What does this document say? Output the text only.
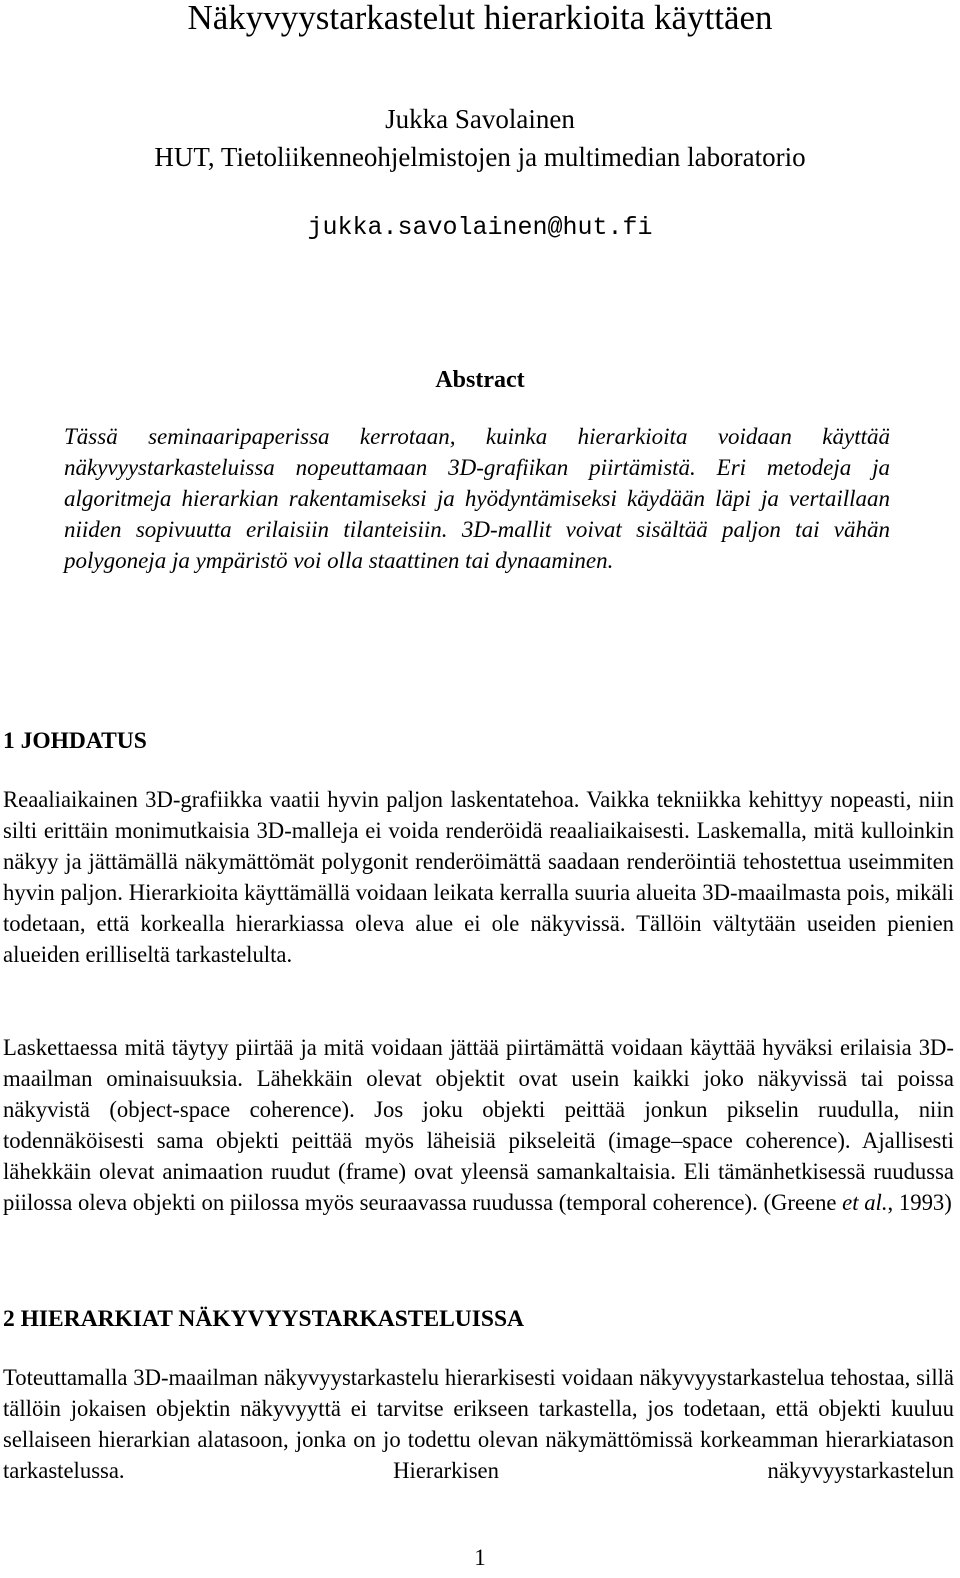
Näkyvyystarkastelut hierarkioita käyttäen

Jukka Savolainen

HUT, Tietoliikenneohjelmistojen ja multimedian laboratorio

jukka.savolainen@hut.fi
Abstract

Tässä seminaaripaperissa kerrotaan, kuinka hierarkioita voidaan käyttää näkyvyystarkasteluissa nopeuttamaan 3D-grafiikan piirtämistä. Eri metodeja ja algoritmeja hierarkian rakentamiseksi ja hyödyntämiseksi käydään läpi ja vertaillaan niiden sopivuutta erilaisiin tilanteisiin. 3D-mallit voivat sisältää paljon tai vähän polygoneja ja ympäristö voi olla staattinen tai dynaaminen.

1 JOHDATUS

Reaaliaikainen 3D-grafiikka vaatii hyvin paljon laskentatehoa. Vaikka tekniikka kehittyy nopeasti, niin silti erittäin monimutkaisia 3D-malleja ei voida renderöidä reaaliaikaisesti. Laskemalla, mitä kulloinkin näkyy ja jättämällä näkymättömät polygonit renderöimättä saadaan renderöintiä tehostettua useimmiten hyvin paljon. Hierarkioita käyttämällä voidaan leikata kerralla suuria alueita 3D-maailmasta pois, mikäli todetaan, että korkealla hierarkiassa oleva alue ei ole näkyvissä. Tällöin vältytään useiden pienien alueiden erilliseltä tarkastelulta.

Laskettaessa mitä täytyy piirtää ja mitä voidaan jättää piirtämättä voidaan käyttää hyväksi erilaisia 3D-maailman ominaisuuksia. Lähekkäin olevat objektit ovat usein kaikki joko näkyvissä tai poissa näkyvistä (object-space coherence). Jos joku objekti peittää jonkun pikselin ruudulla, niin todennäköisesti sama objekti peittää myös läheisiä pikseleitä (image–space coherence). Ajallisesti lähekkäin olevat animaation ruudut (frame) ovat yleensä samankaltaisia. Eli tämänhetkisessä ruudussa piilossa oleva objekti on piilossa myös seuraavassa ruudussa (temporal coherence). (Greene et al., 1993)

2 HIERARKIAT NÄKYVYYSTARKASTELUISSA

Toteuttamalla 3D-maailman näkyvyystarkastelu hierarkisesti voidaan näkyvyystarkastelua tehostaa, sillä tällöin jokaisen objektin näkyvyyttä ei tarvitse erikseen tarkastella, jos todetaan, että objekti kuuluu sellaiseen hierarkian alatasoon, jonka on jo todettu olevan näkymättömissä korkeamman hierarkiatason tarkastelussa. Hierarkisen näkyvyystarkastelun

1
